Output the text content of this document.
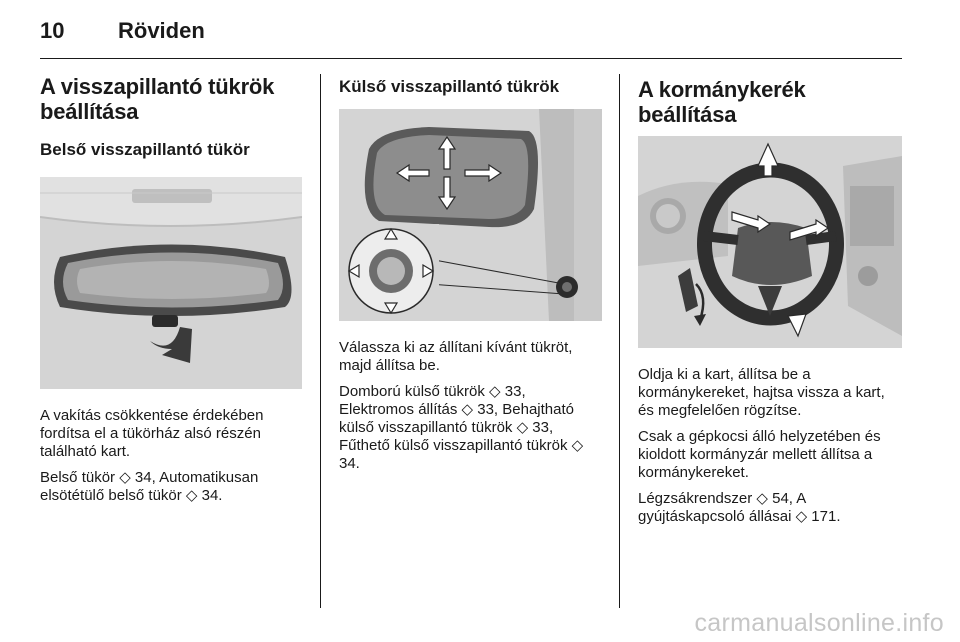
10 Röviden
A visszapillantó tükrök beállítása
Belső visszapillantó tükör

A vakítás csökkentése érdekében fordítsa el a tükörház alsó részén található kart.

Belső tükör ◇ 34, Automatikusan elsötétülő belső tükör ◇ 34.

Külső visszapillantó tükrök

Válassza ki az állítani kívánt tükröt, majd állítsa be.

Domború külső tükrök ◇ 33, Elektromos állítás ◇ 33, Behajtható külső visszapillantó tükrök ◇ 33, Fűthető külső visszapillantó tükrök ◇ 34.

A kormánykerék beállítása

Oldja ki a kart, állítsa be a kormánykereket, hajtsa vissza a kart, és megfelelően rögzítse.

Csak a gépkocsi álló helyzetében és kioldott kormányzár mellett állítsa a kormánykereket.

Légzsákrendszer ◇ 54, A gyújtáskapcsoló állásai ◇ 171.

carmanualsonline.info
